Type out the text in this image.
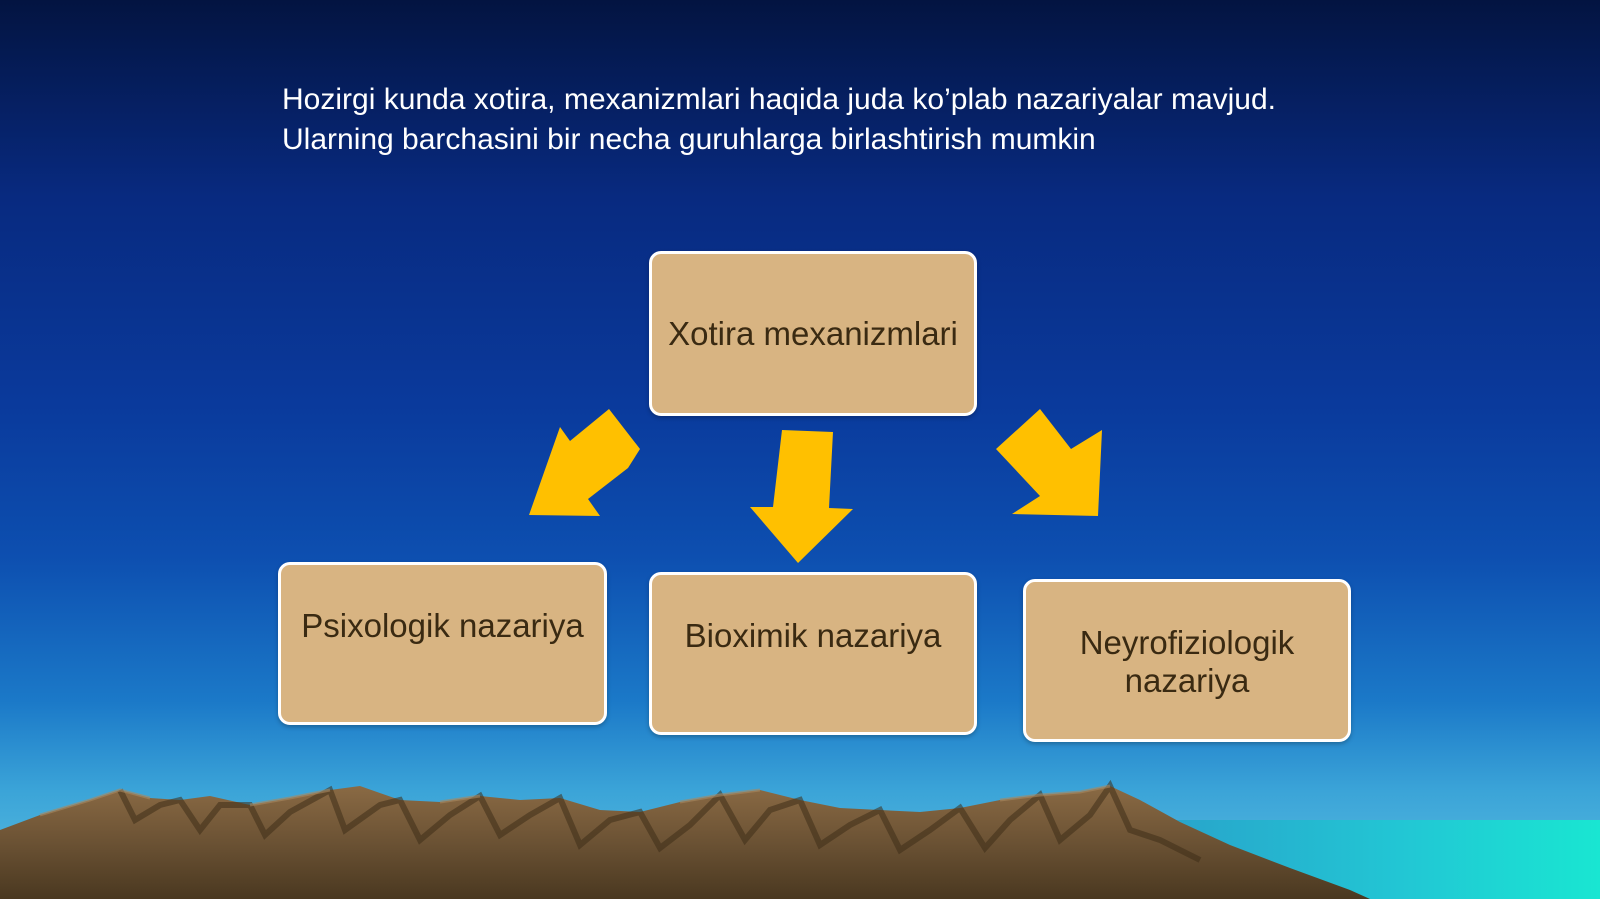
Hozirgi kunda xotira, mexanizmlari haqida juda ko’plab nazariyalar mavjud. Ularning barchasini bir necha guruhlarga birlashtirish mumkin

Xotira mexanizmlari
Psixologik nazariya	Bioximik nazariya	Neyrofiziologik nazariya
